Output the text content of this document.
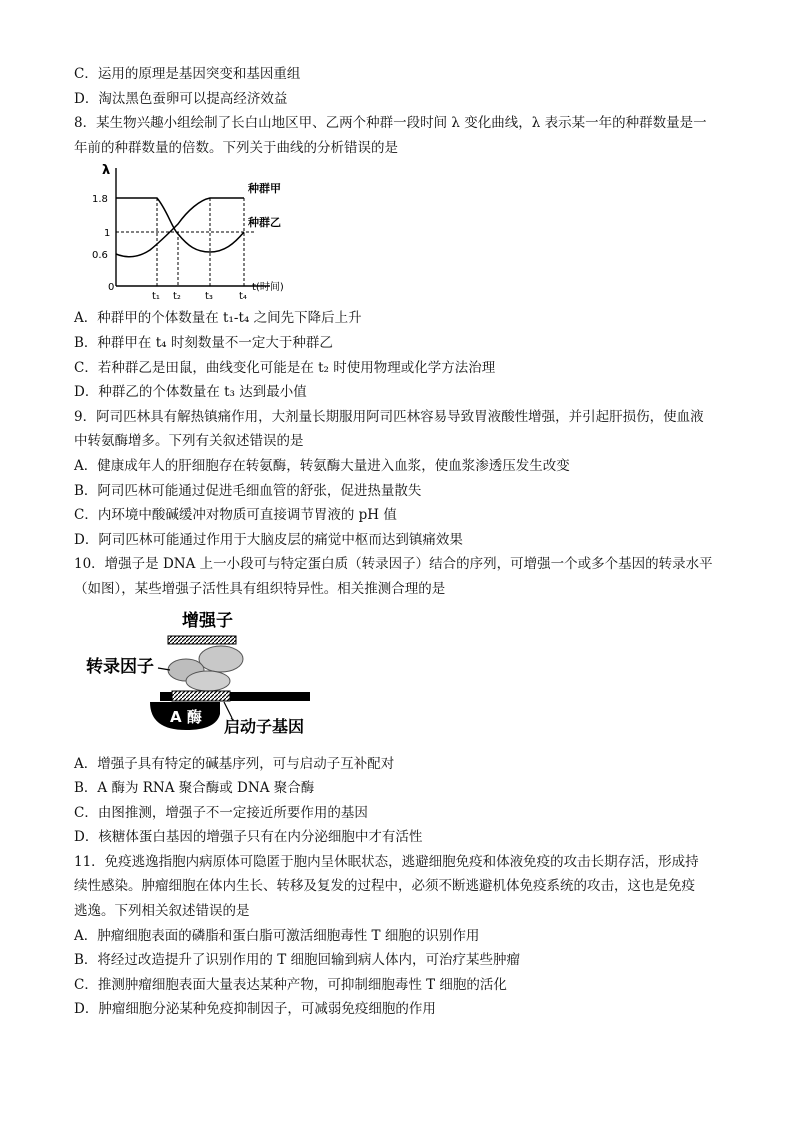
C．运用的原理是基因突变和基因重组
D．淘汰黑色蚕卵可以提高经济效益
8．某生物兴趣小组绘制了长白山地区甲、乙两个种群一段时间 λ 变化曲线，λ 表示某一年的种群数量是一
年前的种群数量的倍数。下列关于曲线的分析错误的是
λ
1.8
1
0.6
0
t₁ t₂ t₃	t₄
t(时间)
种群甲
种群乙
A．种群甲的个体数量在 t₁-t₄ 之间先下降后上升
B．种群甲在 t₄ 时刻数量不一定大于种群乙
C．若种群乙是田鼠，曲线变化可能是在 t₂ 时使用物理或化学方法治理
D．种群乙的个体数量在 t₃ 达到最小值
9．阿司匹林具有解热镇痛作用，大剂量长期服用阿司匹林容易导致胃液酸性增强，并引起肝损伤，使血液
中转氨酶增多。下列有关叙述错误的是
A．健康成年人的肝细胞存在转氨酶，转氨酶大量进入血浆，使血浆渗透压发生改变
B．阿司匹林可能通过促进毛细血管的舒张，促进热量散失
C．内环境中酸碱缓冲对物质可直接调节胃液的 pH 值
D．阿司匹林可能通过作用于大脑皮层的痛觉中枢而达到镇痛效果
10．增强子是 DNA 上一小段可与特定蛋白质（转录因子）结合的序列，可增强一个或多个基因的转录水平
（如图），某些增强子活性具有组织特异性。相关推测合理的是
增强子
转录因子
A 酶 启动子基因
A．增强子具有特定的碱基序列，可与启动子互补配对
B．A 酶为 RNA 聚合酶或 DNA 聚合酶
C．由图推测，增强子不一定接近所要作用的基因
D．核糖体蛋白基因的增强子只有在内分泌细胞中才有活性
11．免疫逃逸指胞内病原体可隐匿于胞内呈休眠状态，逃避细胞免疫和体液免疫的攻击长期存活，形成持
续性感染。肿瘤细胞在体内生长、转移及复发的过程中，必须不断逃避机体免疫系统的攻击，这也是免疫
逃逸。下列相关叙述错误的是
A．肿瘤细胞表面的磷脂和蛋白脂可激活细胞毒性 T 细胞的识别作用
B．将经过改造提升了识别作用的 T 细胞回输到病人体内，可治疗某些肿瘤
C．推测肿瘤细胞表面大量表达某种产物，可抑制细胞毒性 T 细胞的活化
D．肿瘤细胞分泌某种免疫抑制因子，可减弱免疫细胞的作用
